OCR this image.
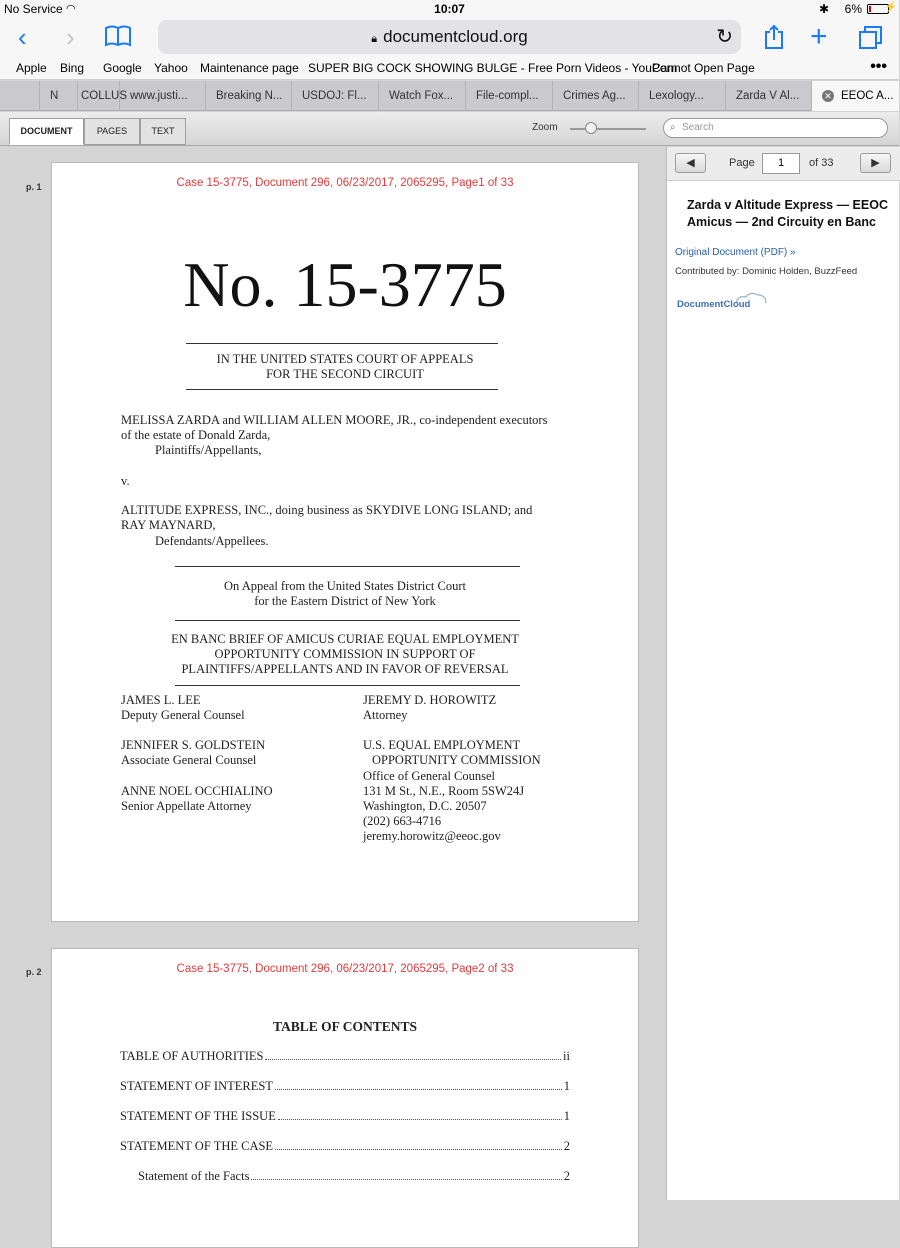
No Service ◠	10:07	✱ 6% ⚡
‹ ›	🔒︎ documentcloud.org	↻	+
Apple Bing Google Yahoo Maintenance page SUPER BIG COCK SHOWING BULGE - Free Porn Videos - YouPorn
Cannot Open Page	•••
N	COLLUS www.justi...	Breaking N...	USDOJ: Fl...	Watch Fox...	File-compl...	Crimes Ag...	Lexology...	Zarda V Al...	✕ EEOC A...
DOCUMENT	PAGES	TEXT	Zoom	⌕ Search
p. 1	Case 15-3775, Document 296, 06/23/2017, 2065295, Page1 of 33
No. 15-3775
IN THE UNITED STATES COURT OF APPEALS
FOR THE SECOND CIRCUIT
MELISSA ZARDA and WILLIAM ALLEN MOORE, JR., co-independent executors
of the estate of Donald Zarda,
Plaintiffs/Appellants,
v.
ALTITUDE EXPRESS, INC., doing business as SKYDIVE LONG ISLAND; and
RAY MAYNARD,
Defendants/Appellees.
On Appeal from the United States District Court
for the Eastern District of New York
EN BANC BRIEF OF AMICUS CURIAE EQUAL EMPLOYMENT
OPPORTUNITY COMMISSION IN SUPPORT OF
PLAINTIFFS/APPELLANTS AND IN FAVOR OF REVERSAL
JAMES L. LEE
Deputy General Counsel
JENNIFER S. GOLDSTEIN
Associate General Counsel
ANNE NOEL OCCHIALINO
Senior Appellate Attorney
JEREMY D. HOROWITZ
Attorney
U.S. EQUAL EMPLOYMENT
OPPORTUNITY COMMISSION
Office of General Counsel
131 M St., N.E., Room 5SW24J
Washington, D.C. 20507
(202) 663-4716
jeremy.horowitz@eeoc.gov
p. 2	Case 15-3775, Document 296, 06/23/2017, 2065295, Page2 of 33
TABLE OF CONTENTS
TABLE OF AUTHORITIES	ii
STATEMENT OF INTEREST	1
STATEMENT OF THE ISSUE	1
STATEMENT OF THE CASE	2
Statement of the Facts	2
◀	Page	1	of 33	▶
Zarda v Altitude Express — EEOC Amicus — 2nd Circuity en Banc
Original Document (PDF) »
Contributed by: Dominic Holden, BuzzFeed
DocumentCloud
